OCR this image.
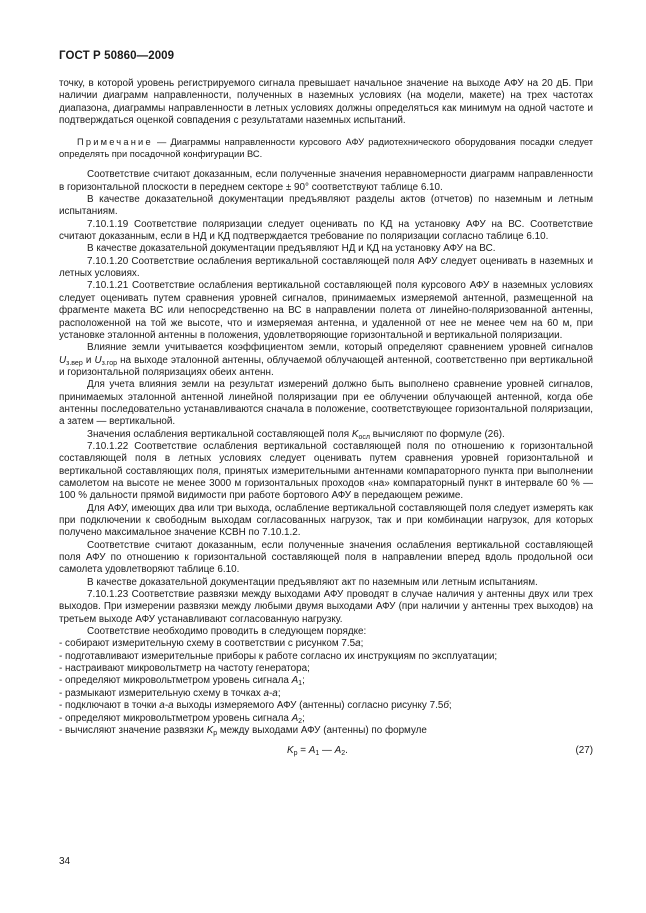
ГОСТ Р 50860—2009

точку, в которой уровень регистрируемого сигнала превышает начальное значение на выходе АФУ на 20 дБ. При наличии диаграмм направленности, полученных в наземных условиях (на модели, макете) на трех частотах диапазона, диаграммы направленности в летных условиях должны определяться как минимум на одной частоте и подтверждаться оценкой совпадения с результатами наземных испытаний.

Примечание — Диаграммы направленности курсового АФУ радиотехнического оборудования посадки следует определять при посадочной конфигурации ВС.

Соответствие считают доказанным, если полученные значения неравномерности диаграмм направленности в горизонтальной плоскости в переднем секторе ± 90° соответствуют таблице 6.10.

В качестве доказательной документации предъявляют разделы актов (отчетов) по наземным и летным испытаниям.

7.10.1.19 Соответствие поляризации следует оценивать по КД на установку АФУ на ВС. Соответствие считают доказанным, если в НД и КД подтверждается требование по поляризации согласно таблице 6.10.

В качестве доказательной документации предъявляют НД и КД на установку АФУ на ВС.

7.10.1.20 Соответствие ослабления вертикальной составляющей поля АФУ следует оценивать в наземных и летных условиях.

7.10.1.21 Соответствие ослабления вертикальной составляющей поля курсового АФУ в наземных условиях следует оценивать путем сравнения уровней сигналов, принимаемых измеряемой антенной, размещенной на фрагменте макета ВС или непосредственно на ВС в направлении полета от линейно-поляризованной антенны, расположенной на той же высоте, что и измеряемая антенна, и удаленной от нее не менее чем на 60 м, при установке эталонной антенны в положения, удовлетворяющие горизонтальной и вертикальной поляризации.

Влияние земли учитывается коэффициентом земли, который определяют сравнением уровней сигналов $U_{з.вер}$ и $U_{з.гор}$ на выходе эталонной антенны, облучаемой облучающей антенной, соответственно при вертикальной и горизонтальной поляризациях обеих антенн.

Для учета влияния земли на результат измерений должно быть выполнено сравнение уровней сигналов, принимаемых эталонной антенной линейной поляризации при ее облучении облучающей антенной, когда обе антенны последовательно устанавливаются сначала в положение, соответствующее горизонтальной поляризации, а затем — вертикальной.

Значения ослабления вертикальной составляющей поля $K_{осл}$ вычисляют по формуле (26).

7.10.1.22 Соответствие ослабления вертикальной составляющей поля по отношению к горизонтальной составляющей поля в летных условиях следует оценивать путем сравнения уровней горизонтальной и вертикальной составляющих поля, принятых измерительными антеннами компараторного пункта при выполнении самолетом на высоте не менее 3000 м горизонтальных проходов «на» компараторный пункт в интервале 60 % — 100 % дальности прямой видимости при работе бортового АФУ в передающем режиме.

Для АФУ, имеющих два или три выхода, ослабление вертикальной составляющей поля следует измерять как при подключении к свободным выходам согласованных нагрузок, так и при комбинации нагрузок, для которых получено максимальное значение КСВН по 7.10.1.2.

Соответствие считают доказанным, если полученные значения ослабления вертикальной составляющей поля АФУ по отношению к горизонтальной составляющей поля в направлении вперед вдоль продольной оси самолета удовлетворяют таблице 6.10.

В качестве доказательной документации предъявляют акт по наземным или летным испытаниям.

7.10.1.23 Соответствие развязки между выходами АФУ проводят в случае наличия у антенны двух или трех выходов. При измерении развязки между любыми двумя выходами АФУ (при наличии у антенны трех выходов) на третьем выходе АФУ устанавливают согласованную нагрузку.

Соответствие необходимо проводить в следующем порядке:

- собирают измерительную схему в соответствии с рисунком 7.5а;

- подготавливают измерительные приборы к работе согласно их инструкциям по эксплуатации;

- настраивают микровольтметр на частоту генератора;

- определяют микровольтметром уровень сигнала $A_1$;

- размыкают измерительную схему в точках а-а;

- подключают в точки а-а выходы измеряемого АФУ (антенны) согласно рисунку 7.5б;

- определяют микровольтметром уровень сигнала $A_2$;

- вычисляют значение развязки $K_p$ между выходами АФУ (антенны) по формуле

$K_p = A_1$ — $A_2$.	(27)
34
